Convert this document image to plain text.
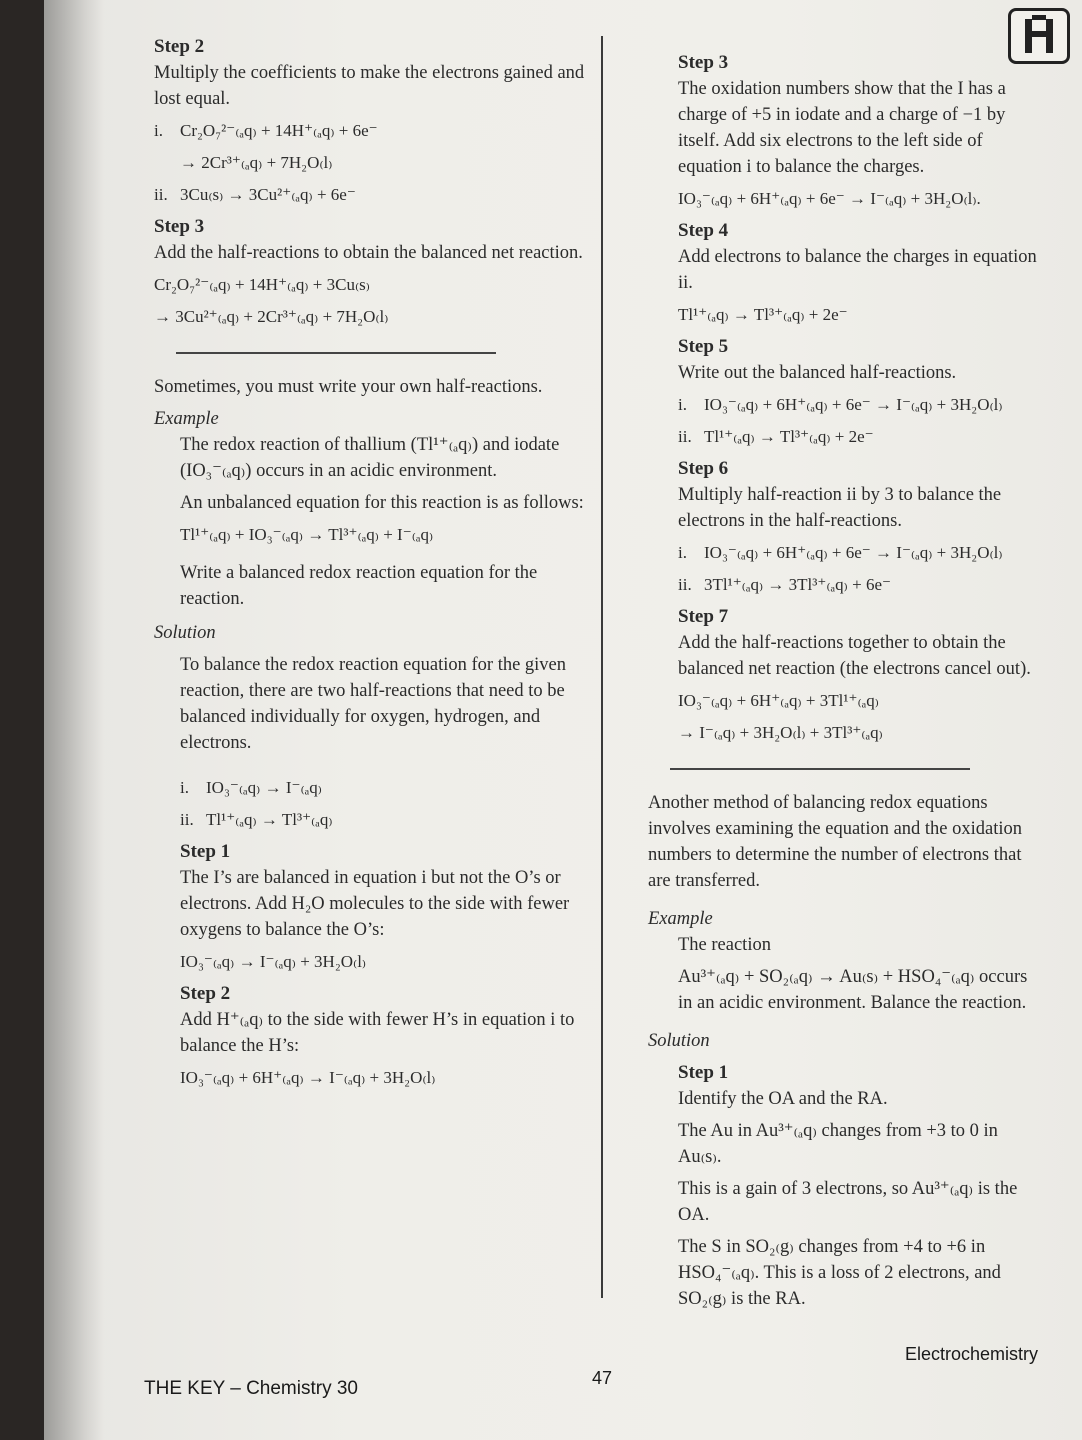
Step 2
Multiply the coefficients to make the electrons gained and lost equal.
i. Cr₂O₇²⁻₍ₐq₎ + 14H⁺₍ₐq₎ + 6e⁻
→ 2Cr³⁺₍ₐq₎ + 7H₂O₍l₎
ii. 3Cu₍s₎ → 3Cu²⁺₍ₐq₎ + 6e⁻
Step 3
Add the half-reactions to obtain the balanced net reaction.
Cr₂O₇²⁻₍ₐq₎ + 14H⁺₍ₐq₎ + 3Cu₍s₎
→ 3Cu²⁺₍ₐq₎ + 2Cr³⁺₍ₐq₎ + 7H₂O₍l₎
Sometimes, you must write your own half-reactions.
Example
The redox reaction of thallium (Tl¹⁺₍ₐq₎) and iodate (IO₃⁻₍ₐq₎) occurs in an acidic environment.
An unbalanced equation for this reaction is as follows:
Tl¹⁺₍ₐq₎ + IO₃⁻₍ₐq₎ → Tl³⁺₍ₐq₎ + I⁻₍ₐq₎
Write a balanced redox reaction equation for the reaction.
Solution
To balance the redox reaction equation for the given reaction, there are two half-reactions that need to be balanced individually for oxygen, hydrogen, and electrons.
i. IO₃⁻₍ₐq₎ → I⁻₍ₐq₎
ii. Tl¹⁺₍ₐq₎ → Tl³⁺₍ₐq₎
Step 1
The I’s are balanced in equation i but not the O’s or electrons. Add H₂O molecules to the side with fewer oxygens to balance the O’s:
IO₃⁻₍ₐq₎ → I⁻₍ₐq₎ + 3H₂O₍l₎
Step 2
Add H⁺₍ₐq₎ to the side with fewer H’s in equation i to balance the H’s:
IO₃⁻₍ₐq₎ + 6H⁺₍ₐq₎ → I⁻₍ₐq₎ + 3H₂O₍l₎
Step 3
The oxidation numbers show that the I has a charge of +5 in iodate and a charge of −1 by itself. Add six electrons to the left side of equation i to balance the charges.
IO₃⁻₍ₐq₎ + 6H⁺₍ₐq₎ + 6e⁻ → I⁻₍ₐq₎ + 3H₂O₍l₎.
Step 4
Add electrons to balance the charges in equation ii.
Tl¹⁺₍ₐq₎ → Tl³⁺₍ₐq₎ + 2e⁻
Step 5
Write out the balanced half-reactions.
i. IO₃⁻₍ₐq₎ + 6H⁺₍ₐq₎ + 6e⁻ → I⁻₍ₐq₎ + 3H₂O₍l₎
ii. Tl¹⁺₍ₐq₎ → Tl³⁺₍ₐq₎ + 2e⁻
Step 6
Multiply half-reaction ii by 3 to balance the electrons in the half-reactions.
i. IO₃⁻₍ₐq₎ + 6H⁺₍ₐq₎ + 6e⁻ → I⁻₍ₐq₎ + 3H₂O₍l₎
ii. 3Tl¹⁺₍ₐq₎ → 3Tl³⁺₍ₐq₎ + 6e⁻
Step 7
Add the half-reactions together to obtain the balanced net reaction (the electrons cancel out).
IO₃⁻₍ₐq₎ + 6H⁺₍ₐq₎ + 3Tl¹⁺₍ₐq₎
→ I⁻₍ₐq₎ + 3H₂O₍l₎ + 3Tl³⁺₍ₐq₎
Another method of balancing redox equations involves examining the equation and the oxidation numbers to determine the number of electrons that are transferred.
Example
The reaction
Au³⁺₍ₐq₎ + SO₂₍ₐq₎ → Au₍s₎ + HSO₄⁻₍ₐq₎ occurs in an acidic environment. Balance the reaction.
Solution
Step 1
Identify the OA and the RA.
The Au in Au³⁺₍ₐq₎ changes from +3 to 0 in Au₍s₎.
This is a gain of 3 electrons, so Au³⁺₍ₐq₎ is the OA.
The S in SO₂₍g₎ changes from +4 to +6 in HSO₄⁻₍ₐq₎. This is a loss of 2 electrons, and SO₂₍g₎ is the RA.
THE KEY – Chemistry 30	47
Electrochemistry
